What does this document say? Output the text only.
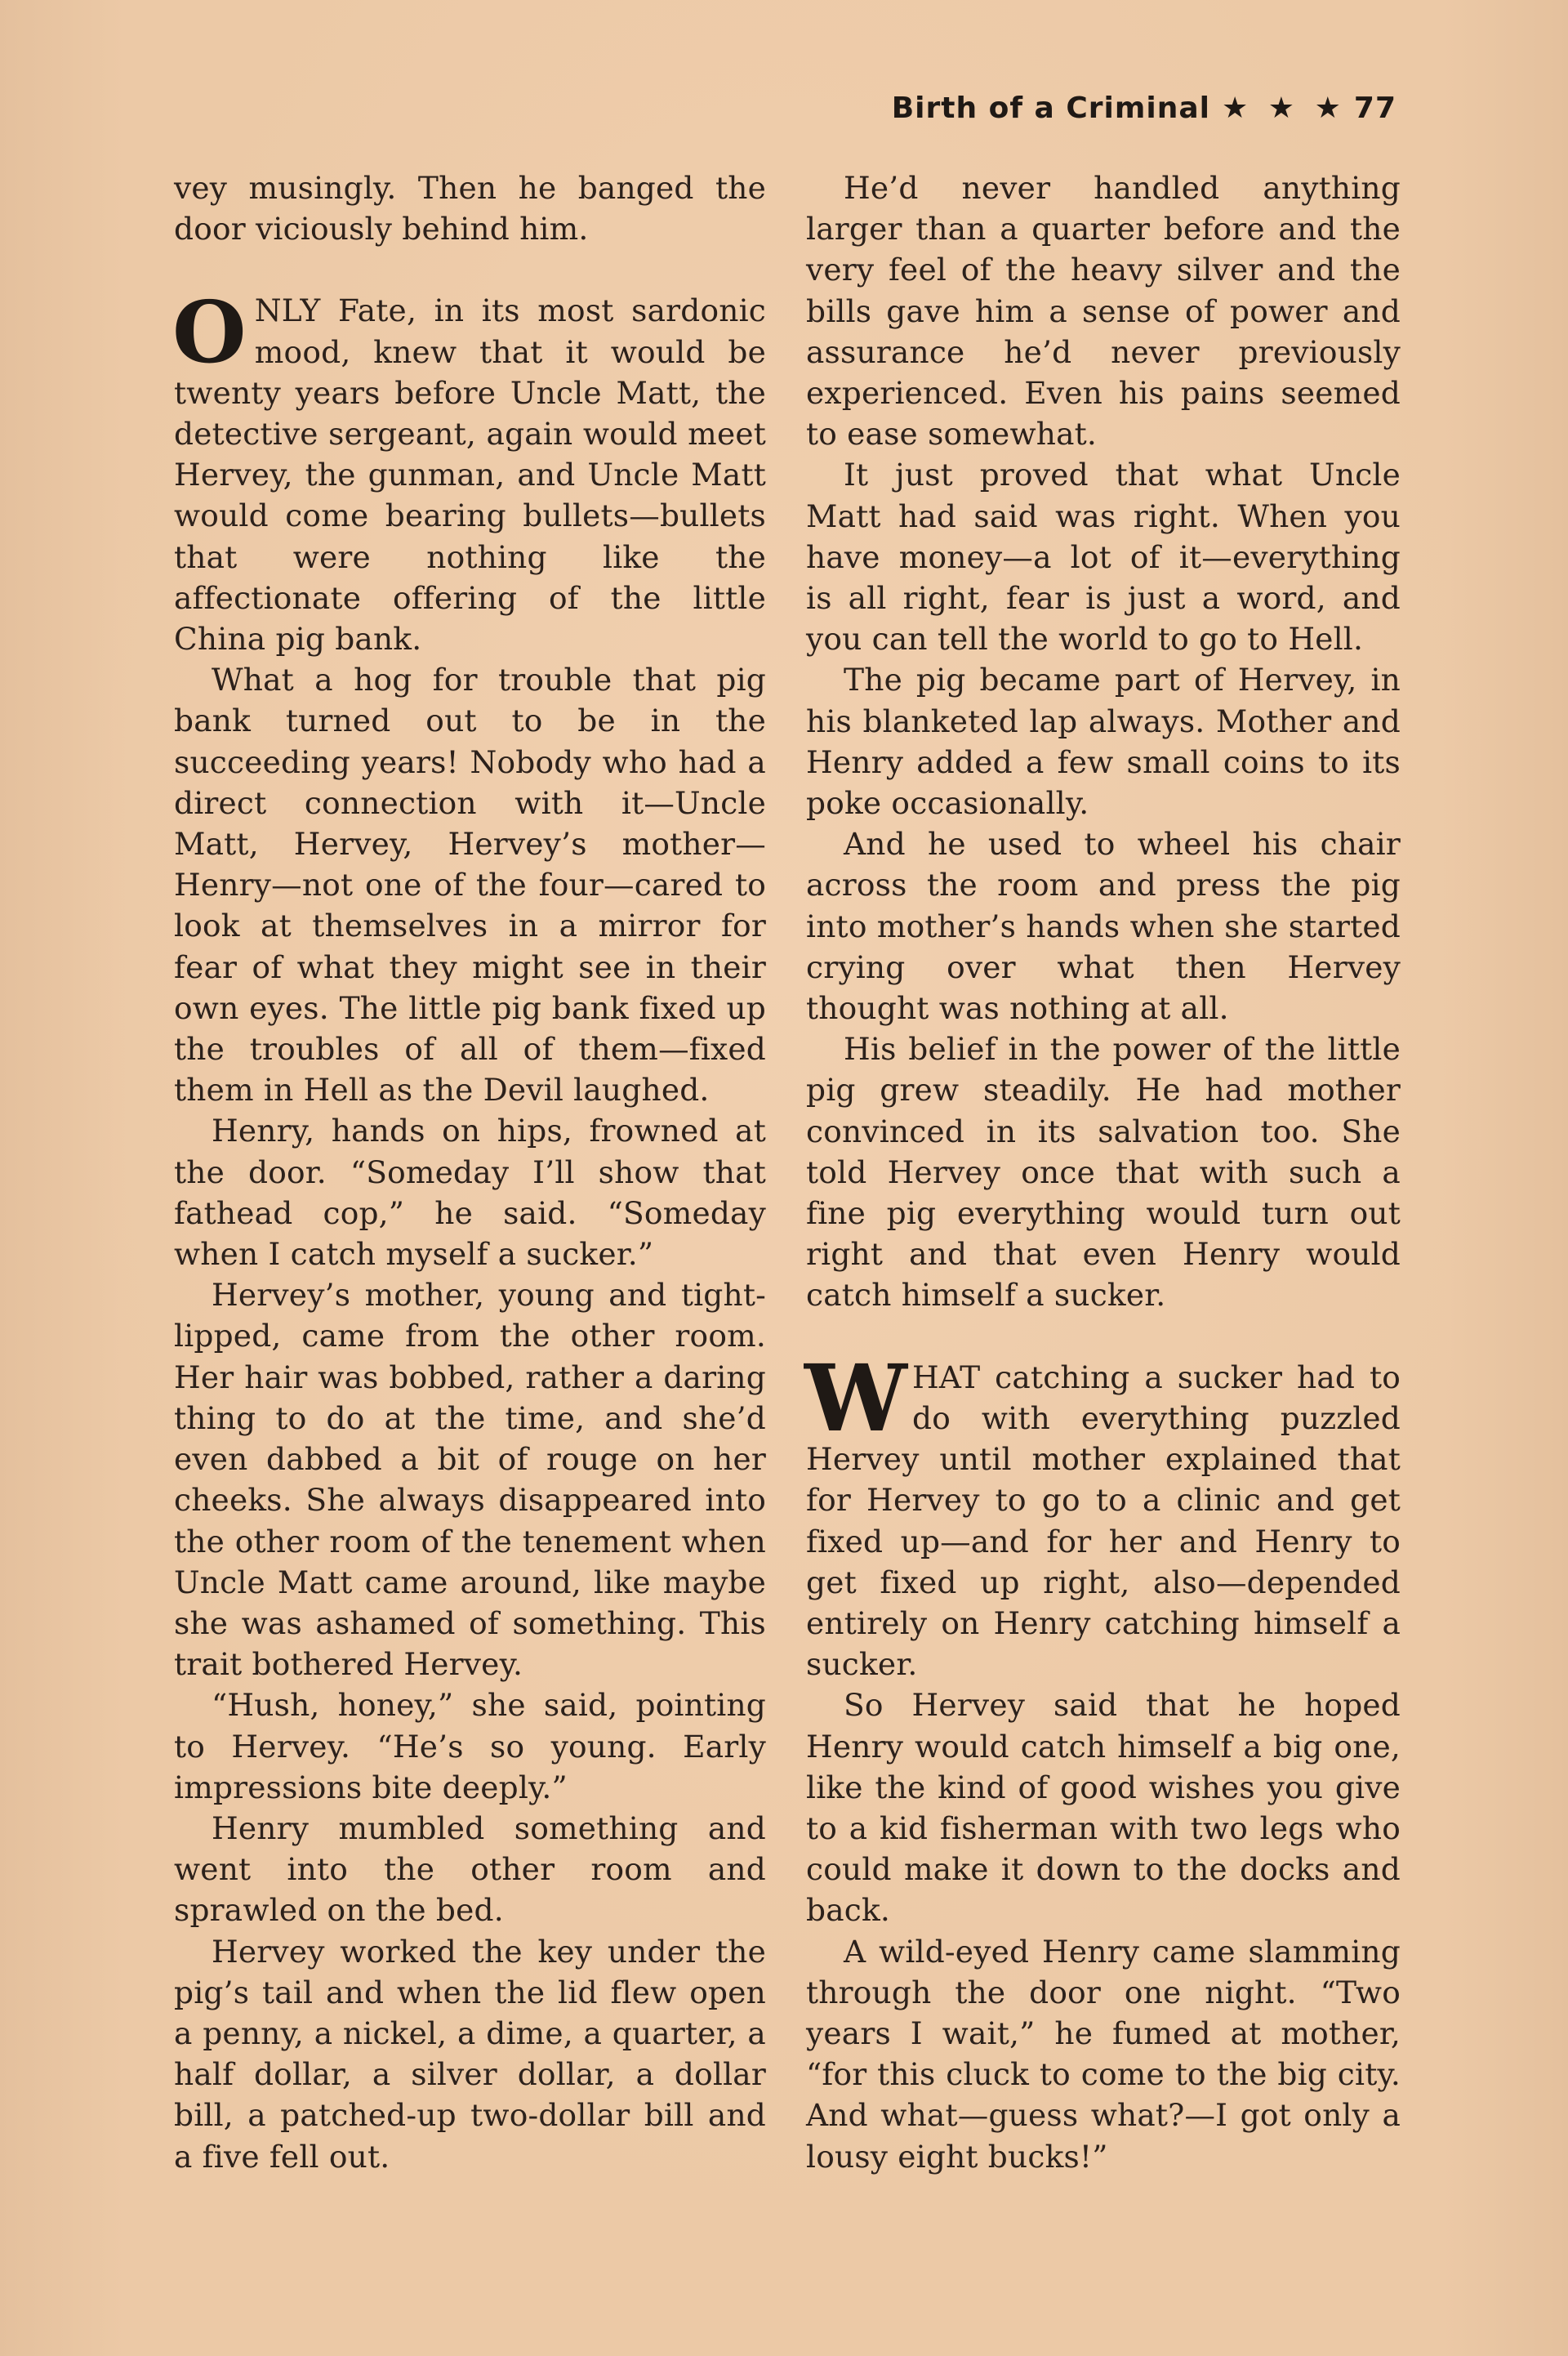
Birth of a Criminal ★ ★ ★ 77

vey musingly. Then he banged the door viciously behind him.

ONLY Fate, in its most sardonic mood, knew that it would be twenty years before Uncle Matt, the detective sergeant, again would meet Hervey, the gunman, and Uncle Matt would come bearing bullets—bullets that were nothing like the affectionate offering of the little China pig bank.

What a hog for trouble that pig bank turned out to be in the succeeding years! Nobody who had a direct connection with it—Uncle Matt, Hervey, Hervey’s mother—Henry—not one of the four—cared to look at themselves in a mirror for fear of what they might see in their own eyes. The little pig bank fixed up the troubles of all of them—fixed them in Hell as the Devil laughed.

Henry, hands on hips, frowned at the door. “Someday I’ll show that fathead cop,” he said. “Someday when I catch myself a sucker.”

Hervey’s mother, young and tight-lipped, came from the other room. Her hair was bobbed, rather a daring thing to do at the time, and she’d even dabbed a bit of rouge on her cheeks. She always disappeared into the other room of the tenement when Uncle Matt came around, like maybe she was ashamed of something. This trait bothered Hervey.

“Hush, honey,” she said, pointing to Hervey. “He’s so young. Early impressions bite deeply.”

Henry mumbled something and went into the other room and sprawled on the bed.

Hervey worked the key under the pig’s tail and when the lid flew open a penny, a nickel, a dime, a quarter, a half dollar, a silver dollar, a dollar bill, a patched-up two-dollar bill and a five fell out.

He’d never handled anything larger than a quarter before and the very feel of the heavy silver and the bills gave him a sense of power and assurance he’d never previously experienced. Even his pains seemed to ease somewhat.

It just proved that what Uncle Matt had said was right. When you have money—a lot of it—everything is all right, fear is just a word, and you can tell the world to go to Hell.

The pig became part of Hervey, in his blanketed lap always. Mother and Henry added a few small coins to its poke occasionally.

And he used to wheel his chair across the room and press the pig into mother’s hands when she started crying over what then Hervey thought was nothing at all.

His belief in the power of the little pig grew steadily. He had mother convinced in its salvation too. She told Hervey once that with such a fine pig everything would turn out right and that even Henry would catch himself a sucker.

WHAT catching a sucker had to do with everything puzzled Hervey until mother explained that for Hervey to go to a clinic and get fixed up—and for her and Henry to get fixed up right, also—depended entirely on Henry catching himself a sucker.

So Hervey said that he hoped Henry would catch himself a big one, like the kind of good wishes you give to a kid fisherman with two legs who could make it down to the docks and back.

A wild-eyed Henry came slamming through the door one night. “Two years I wait,” he fumed at mother, “for this cluck to come to the big city. And what—guess what?—I got only a lousy eight bucks!”
